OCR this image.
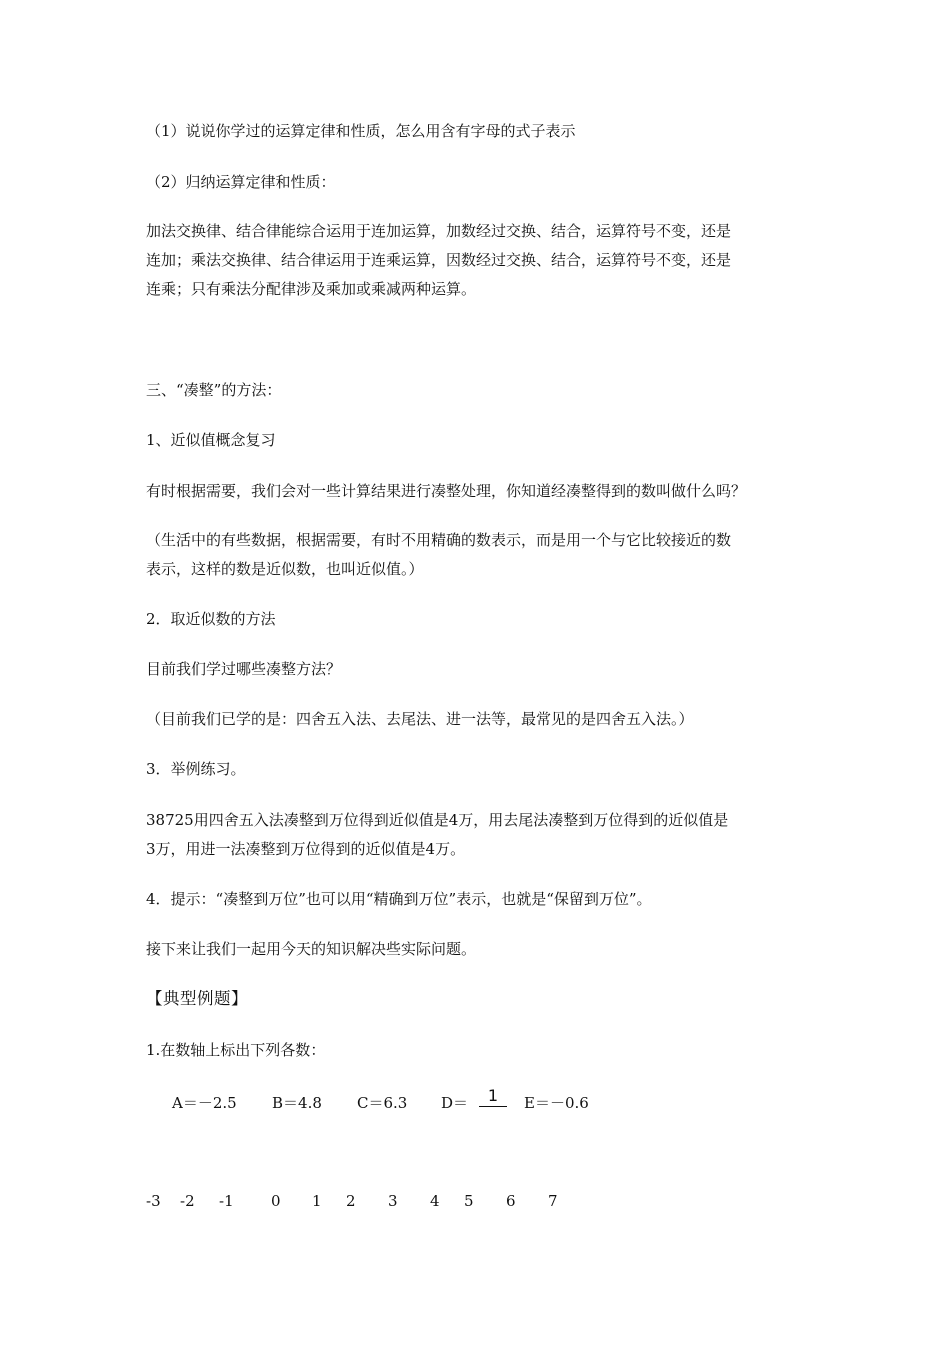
（1）说说你学过的运算定律和性质，怎么用含有字母的式子表示
（2）归纳运算定律和性质：
加法交换律、结合律能综合运用于连加运算，加数经过交换、结合，运算符号不变，还是
连加；乘法交换律、结合律运用于连乘运算，因数经过交换、结合，运算符号不变，还是
连乘；只有乘法分配律涉及乘加或乘减两种运算。
三、“凑整”的方法：
1、近似值概念复习
有时根据需要，我们会对一些计算结果进行凑整处理，你知道经凑整得到的数叫做什么吗？
（生活中的有些数据，根据需要，有时不用精确的数表示，而是用一个与它比较接近的数
表示，这样的数是近似数，也叫近似值。）
2．取近似数的方法
目前我们学过哪些凑整方法？
（目前我们已学的是：四舍五入法、去尾法、进一法等，最常见的是四舍五入法。）
3．举例练习。
38725用四舍五入法凑整到万位得到近似值是4万，用去尾法凑整到万位得到的近似值是
3万，用进一法凑整到万位得到的近似值是4万。
4．提示：“凑整到万位”也可以用“精确到万位”表示，也就是“保留到万位”。
接下来让我们一起用今天的知识解决些实际问题。
【典型例题】
1.在数轴上标出下列各数：
A＝－2.5 B＝4.8 C＝6.3 D＝	1	E＝－0.6
-3 -2 -1 0 1 2 3 4 5 6 7
